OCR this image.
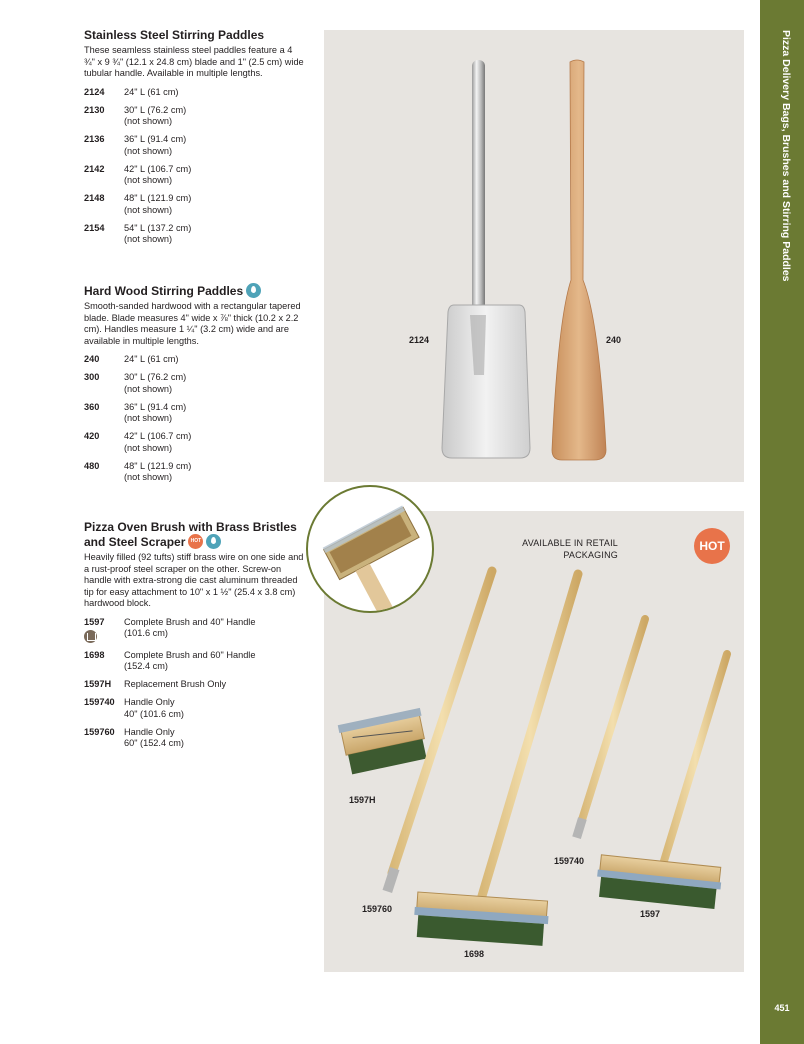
Pizza Delivery Bags, Brushes and Stirring Paddles
451
Stainless Steel Stirring Paddles

These seamless stainless steel paddles feature a 4 ¾" x 9 ¾" (12.1 x 24.8 cm) blade and 1" (2.5 cm) wide tubular handle. Available in multiple lengths.

2124	24" L (61 cm)
2130	30" L (76.2 cm)
(not shown)
2136	36" L (91.4 cm)
(not shown)
2142	42" L (106.7 cm)
(not shown)
2148	48" L (121.9 cm)
(not shown)
2154	54" L (137.2 cm)
(not shown)
Hard Wood Stirring Paddles

Smooth-sanded hardwood with a rectangular tapered blade. Blade measures 4" wide x ⅞" thick (10.2 x 2.2 cm). Handles measure 1 ¼" (3.2 cm) wide and are available in multiple lengths.

240	24" L (61 cm)
300	30" L (76.2 cm)
(not shown)
360	36" L (91.4 cm)
(not shown)
420	42" L (106.7 cm)
(not shown)
480	48" L (121.9 cm)
(not shown)
Pizza Oven Brush with Brass Bristles
and Steel Scraper HOT

Heavily filled (92 tufts) stiff brass wire on one side and a rust-proof steel scraper on the other. Screw-on handle with extra-strong die cast aluminum threaded tip for easy attachment to 10" x 1 ½" (25.4 x 3.8 cm) hardwood block.

1597	Complete Brush and 40" Handle
(101.6 cm)
1698	Complete Brush and 60" Handle
(152.4 cm)
1597H	Replacement Brush Only
159740	Handle Only
40" (101.6 cm)
159760	Handle Only
60" (152.4 cm)
2124	240
AVAILABLE IN RETAIL PACKAGING
HOT
1597H
159740
159760	1597
1698
